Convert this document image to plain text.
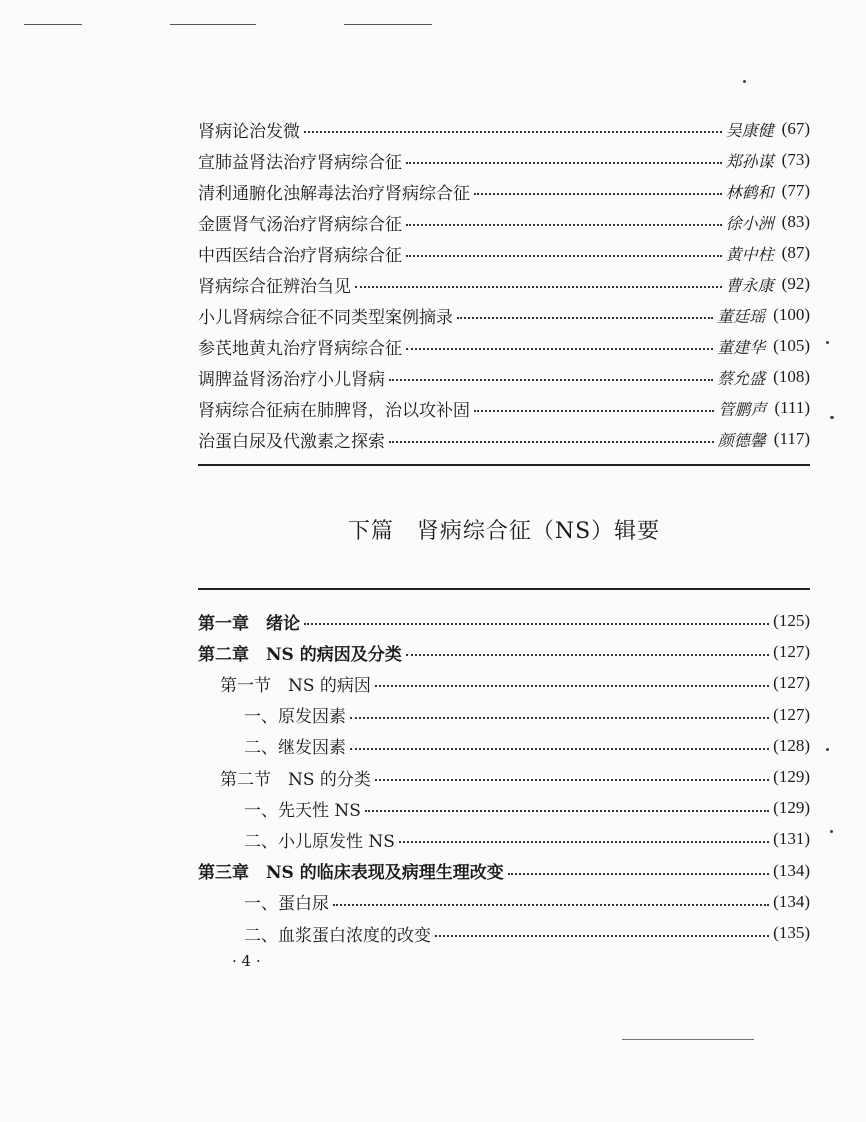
肾病论治发微	吴康健 (67)
宣肺益肾法治疗肾病综合征	郑孙谋 (73)
清利通腑化浊解毒法治疗肾病综合征	林鹤和 (77)
金匮肾气汤治疗肾病综合征	徐小洲 (83)
中西医结合治疗肾病综合征	黄中柱 (87)
肾病综合征辨治刍见	曹永康 (92)
小儿肾病综合征不同类型案例摘录	董廷瑶 (100)
参芪地黄丸治疗肾病综合征	董建华 (105)
调脾益肾汤治疗小儿肾病	蔡允盛 (108)
肾病综合征病在肺脾肾，治以攻补固	管鹏声 (111)
治蛋白尿及代激素之探索	颜德馨 (117)
下篇　肾病综合征（NS）辑要
第一章　绪论	(125)
第二章　NS 的病因及分类	(127)
第一节　NS 的病因	(127)
一、原发因素	(127)
二、继发因素	(128)
第二节　NS 的分类	(129)
一、先天性 NS	(129)
二、小儿原发性 NS	(131)
第三章　NS 的临床表现及病理生理改变	(134)
一、蛋白尿	(134)
二、血浆蛋白浓度的改变	(135)
· 4 ·
